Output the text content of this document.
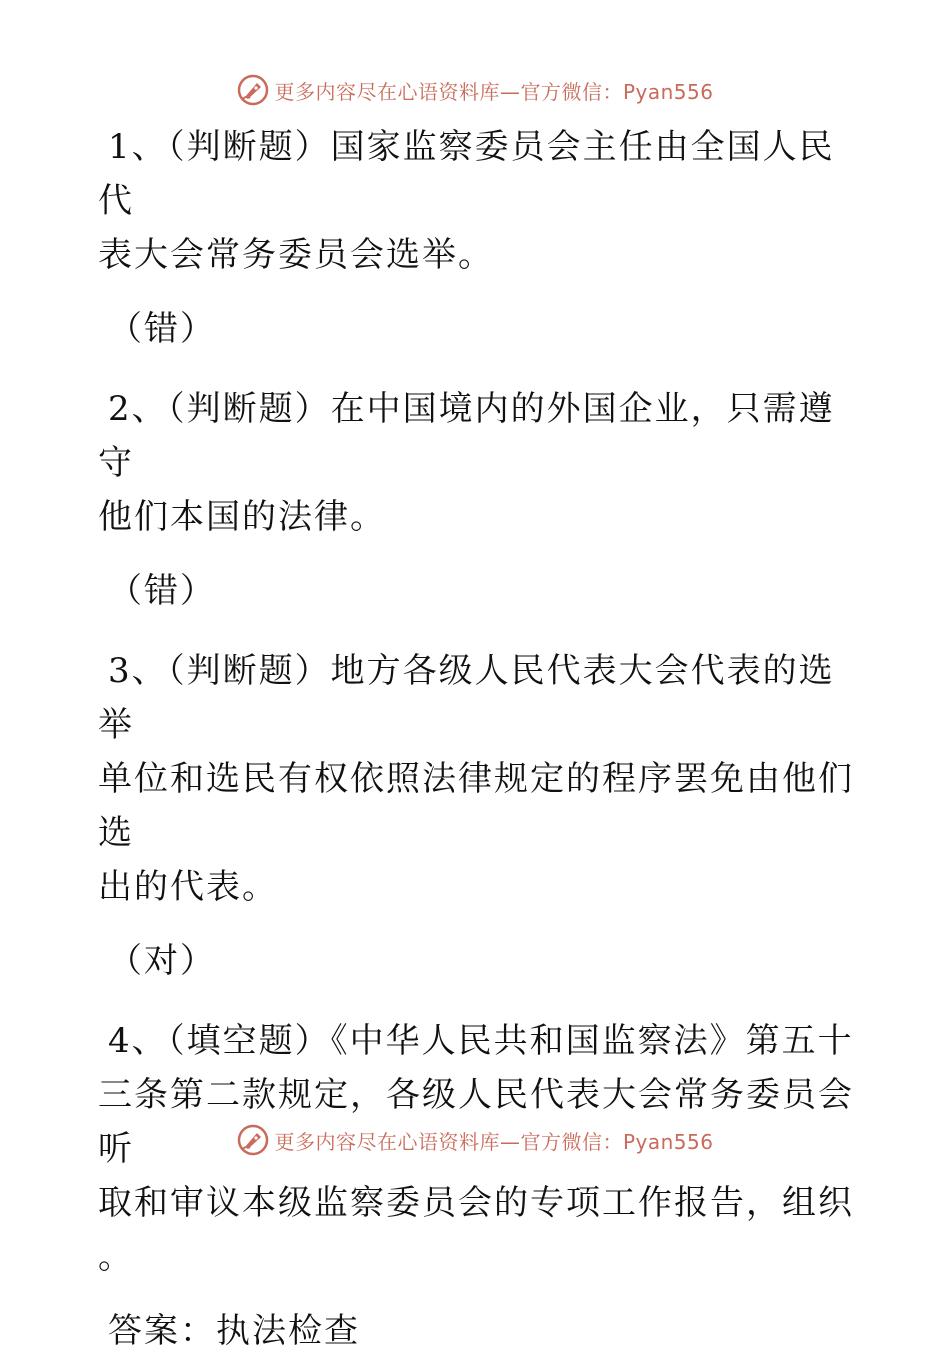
更多内容尽在心语资料库—官方微信：Pyan556

1、（判断题）国家监察委员会主任由全国人民代

表大会常务委员会选举。

（错）

2、（判断题）在中国境内的外国企业，只需遵守

他们本国的法律。

（错）

3、（判断题）地方各级人民代表大会代表的选举

单位和选民有权依照法律规定的程序罢免由他们选

出的代表。

（对）

4、（填空题）《中华人民共和国监察法》第五十

三条第二款规定，各级人民代表大会常务委员会听

取和审议本级监察委员会的专项工作报告，组织

。

答案：执法检查

更多内容尽在心语资料库—官方微信：Pyan556
